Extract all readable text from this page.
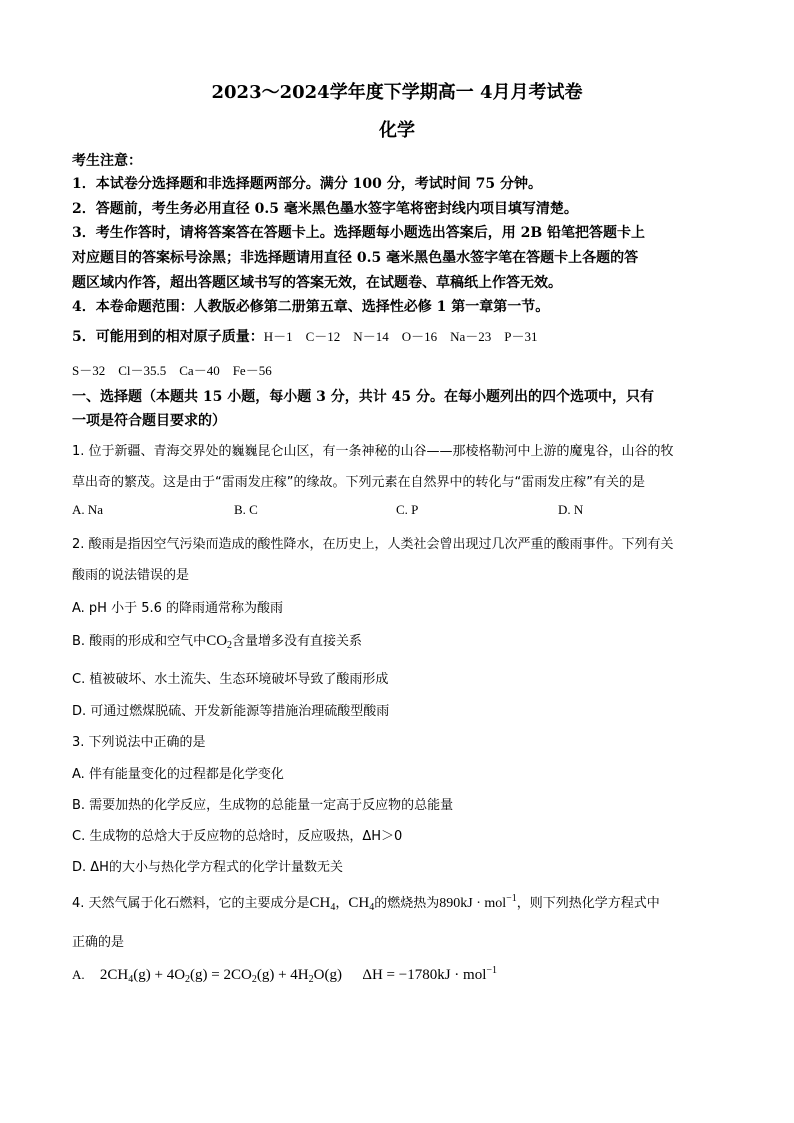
2023～2024学年度下学期高一 4月月考试卷
化学
考生注意：
1．本试卷分选择题和非选择题两部分。满分 100 分，考试时间 75 分钟。
2．答题前，考生务必用直径 0.5 毫米黑色墨水签字笔将密封线内项目填写清楚。
3．考生作答时，请将答案答在答题卡上。选择题每小题选出答案后，用 2B 铅笔把答题卡上
对应题目的答案标号涂黑；非选择题请用直径 0.5 毫米黑色墨水签字笔在答题卡上各题的答
题区域内作答，超出答题区域书写的答案无效，在试题卷、草稿纸上作答无效。
4．本卷命题范围：人教版必修第二册第五章、选择性必修 1 第一章第一节。
5．可能用到的相对原子质量：H－1    C－12    N－14    O－16    Na－23    P－31
S－32    Cl－35.5    Ca－40    Fe－56
一、选择题（本题共 15 小题，每小题 3 分，共计 45 分。在每小题列出的四个选项中，只有
一项是符合题目要求的）
1. 位于新疆、青海交界处的巍巍昆仑山区，有一条神秘的山谷——那棱格勒河中上游的魔鬼谷，山谷的牧
草出奇的繁茂。这是由于“雷雨发庄稼”的缘故。下列元素在自然界中的转化与“雷雨发庄稼”有关的是
A. Na	B. C	C. P	D. N
2. 酸雨是指因空气污染而造成的酸性降水，在历史上，人类社会曾出现过几次严重的酸雨事件。下列有关
酸雨的说法错误的是
A. pH 小于 5.6 的降雨通常称为酸雨
B. 酸雨的形成和空气中$CO_2$含量增多没有直接关系
C. 植被破坏、水土流失、生态环境破坏导致了酸雨形成
D. 可通过燃煤脱硫、开发新能源等措施治理硫酸型酸雨
3. 下列说法中正确的是
A. 伴有能量变化的过程都是化学变化
B. 需要加热的化学反应，生成物的总能量一定高于反应物的总能量
C. 生成物的总焓大于反应物的总焓时，反应吸热，ΔH＞0
D. ΔH的大小与热化学方程式的化学计量数无关
4. 天然气属于化石燃料，它的主要成分是$CH_4$，$CH_4$的燃烧热为890kJ · mol$^{-1}$，则下列热化学方程式中
正确的是
A. $2CH_4(g) + 4O_2(g) = 2CO_2(g) + 4H_2O(g) \Delta H = -1780kJ \cdot mol^{-1}$
